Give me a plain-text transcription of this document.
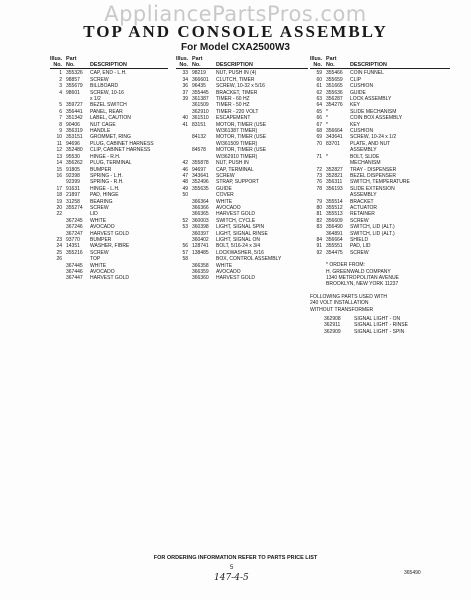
AppliancePartsPros.com
TOP AND CONSOLE ASSEMBLY
For Model CXA2500W3
Illus. Part
No. No.	DESCRIPTION
1 355326	CAP, END - L.H.
2 98857	SCREW
3 355679	BILLBOARD
4 98601	SCREW, 10-16
x 1/2
5 359727	BEZEL SWITCH
6 356441	PANEL, REAR
7 351342	LABEL, CAUTION
8 90406	NUT CAGE
9 356319	HANDLE
10 353151	GROMMET, RING
11 94696	PLUG, CABINET HARNESS
12 352480	CLIP, CABINET HARNESS
13 95530	HINGE - R.H.
14 356262	PLUG, TERMINAL
15 91805	BUMPER
16 92398	SPRING - L.H.
92399	SPRING - R.H.
17 91631	HINGE - L.H.
18 21897	PAD, HINGE
19 31258	BEARING
20 355274	SCREW
22	LID
367245	WHITE
367246	AVOCADO
367247	HARVEST GOLD
23 93770	BUMPER
24 14351	WASHER, FIBRE
25 355216	SCREW
26	TOP
367445	WHITE
367446	AVOCADO
367447	HARVEST GOLD
Illus. Part
No. No.	DESCRIPTION
33 98219	NUT, PUSH IN (4)
34 366601	CLUTCH, TIMER
36 96435	SCREW, 10-32 x 5/16
37 355445	BRACKET, TIMER
39 361387	TIMER - 60 HZ
361509	TIMER - 50 HZ
362910	TIMER - 220 VOLT
40 361510	ESCAPEMENT
41 83151	MOTOR, TIMER (USE
W/361387 TIMER)
84132	MOTOR, TIMER (USE
W/361509 TIMER)
84578	MOTOR, TIMER (USE
W/362910 TIMER)
42 355878	NUT, PUSH IN
46 94697	CAP, TERMINAL
47 343641	SCREW
48 352496	STRAP, SUPPORT
49 355635	GUIDE
50	COVER
366364	WHITE
366366	AVOCADO
366365	HARVEST GOLD
52 360003	SWITCH, CYCLE
53 360398	LIGHT, SIGNAL SPIN
360397	LIGHT, SIGNAL RINSE
360402	LIGHT, SIGNAL ON
56 128741	BOLT, 5/16-24 x 3/4
57 138485	LOCKWASHER, 5/16
58	BOX, CONTROL ASSEMBLY
366358	WHITE
366359	AVOCADO
366360	HARVEST GOLD
Illus. Part
No. No.	DESCRIPTION
59 355466	COIN FUNNEL
60 355659	CLIP
61 351665	CUSHION
62 355636	GUIDE
63 356287	LOCK ASSEMBLY
64 354276	KEY
65 *	SLIDE MECHANISM
66 *	COIN BOX ASSEMBLY
67 *	KEY
68 356664	CUSHION
69 343641	SCREW, 10-24 x 1/2
70 83701	PLATE, AND NUT
ASSEMBLY
71 *	BOLT, SLIDE
MECHANISM
72 352827	TRAY - DISPENSER
73 352821	BEZEL DISPENSER
76 356311	SWITCH, TEMPERATURE
78 356193	SLIDE EXTENSION
ASSEMBLY
79 355514	BRACKET
80 355512	ACTUATOR
81 355513	RETAINER
82 356609	SCREW
83 356490	SWITCH, LID (ALT.)
364891	SWITCH, LID (ALT.)
84 356664	SHIELD
91 355551	PAD, LID
92 354475	SCREW
* ORDER FROM:
H. GREENWALD COMPANY
1340 METROPOLITAN AVENUE
BROOKLYN, NEW YORK 11237
FOLLOWING PARTS USED WITH
240 VOLT INSTALLATION
WITHOUT TRANSFORMER
362908	SIGNAL LIGHT - ON
362911	SIGNAL LIGHT - RINSE
362909	SIGNAL LIGHT - SPIN
FOR ORDERING INFORMATION REFER TO PARTS PRICE LIST
5
365490
147-4-5
